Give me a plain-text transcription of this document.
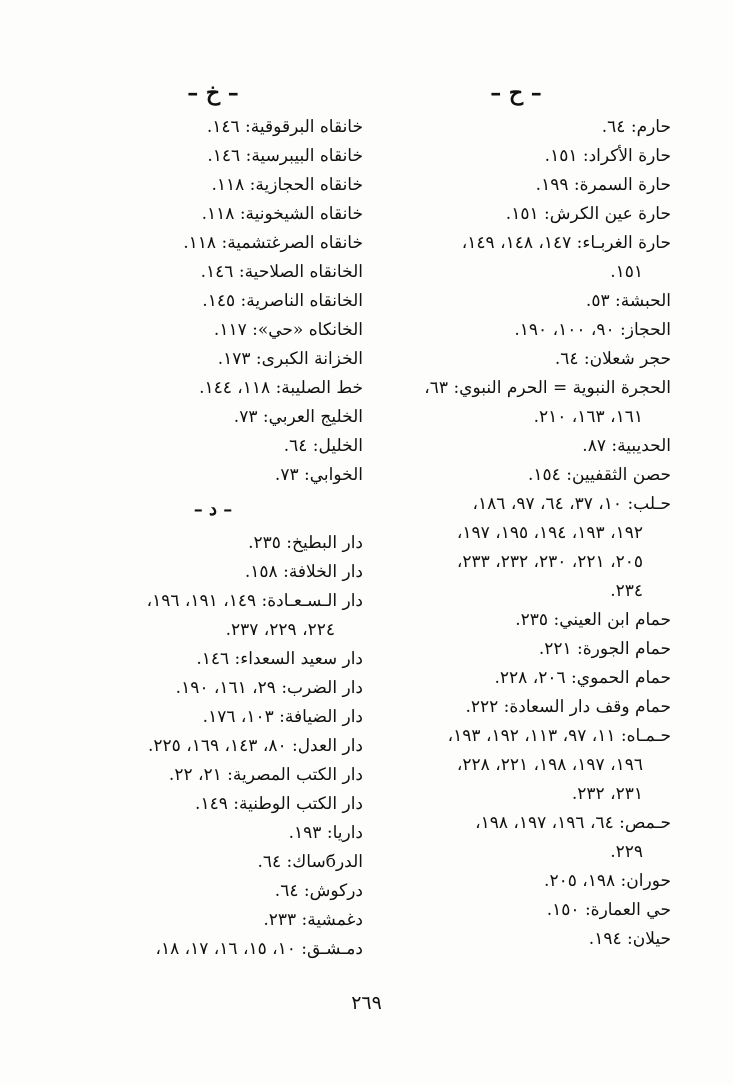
– ح –
حارم: ٦٤.
حارة الأكراد: ١٥١.
حارة السمرة: ١٩٩.
حارة عين الكرش: ١٥١.
حارة الغربـاء: ١٤٧، ١٤٨، ١٤٩،
١٥١.
الحبشة: ٥٣.
الحجاز: ٩٠، ١٠٠، ١٩٠.
حجر شعلان: ٦٤.
الحجرة النبوية = الحرم النبوي: ٦٣،
١٦١، ١٦٣، ٢١٠.
الحديبية: ٨٧.
حصن الثقفيين: ١٥٤.
حـلب: ١٠، ٣٧، ٦٤، ٩٧، ١٨٦،
١٩٢، ١٩٣، ١٩٤، ١٩٥، ١٩٧،
٢٠٥، ٢٢١، ٢٣٠، ٢٣٢، ٢٣٣،
٢٣٤.
حمام ابن العيني: ٢٣٥.
حمام الجورة: ٢٢١.
حمام الحموي: ٢٠٦، ٢٢٨.
حمام وقف دار السعادة: ٢٢٢.
حـمـاه: ١١، ٩٧، ١١٣، ١٩٢، ١٩٣،
١٩٦، ١٩٧، ١٩٨، ٢٢١، ٢٢٨،
٢٣١، ٢٣٢.
حـمص: ٦٤، ١٩٦، ١٩٧، ١٩٨،
٢٢٩.
حوران: ١٩٨، ٢٠٥.
حي العمارة: ١٥٠.
حيلان: ١٩٤.
– خ –
خانقاه البرقوقية: ١٤٦.
خانقاه البيبرسية: ١٤٦.
خانقاه الحجازية: ١١٨.
خانقاه الشيخونية: ١١٨.
خانقاه الصرغتشمية: ١١٨.
الخانقاه الصلاحية: ١٤٦.
الخانقاه الناصرية: ١٤٥.
الخانكاه «حي»: ١١٧.
الخزانة الكبرى: ١٧٣.
خط الصليبة: ١١٨، ١٤٤.
الخليج العربي: ٧٣.
الخليل: ٦٤.
الخوابي: ٧٣.
– د –
دار البطيخ: ٢٣٥.
دار الخلافة: ١٥٨.
دار الـسـعـادة: ١٤٩، ١٩١، ١٩٦،
٢٢٤، ٢٢٩، ٢٣٧.
دار سعيد السعداء: ١٤٦.
دار الضرب: ٢٩، ١٦١، ١٩٠.
دار الضيافة: ١٠٣، ١٧٦.
دار العدل: ٨٠، ١٤٣، ١٦٩، ٢٢٥.
دار الكتب المصرية: ٢١، ٢٢.
دار الكتب الوطنية: ١٤٩.
داريا: ١٩٣.
الدرбساك: ٦٤.
دركوش: ٦٤.
دغمشية: ٢٣٣.
دمـشـق: ١٠، ١٥، ١٦، ١٧، ١٨،
٢٦٩
